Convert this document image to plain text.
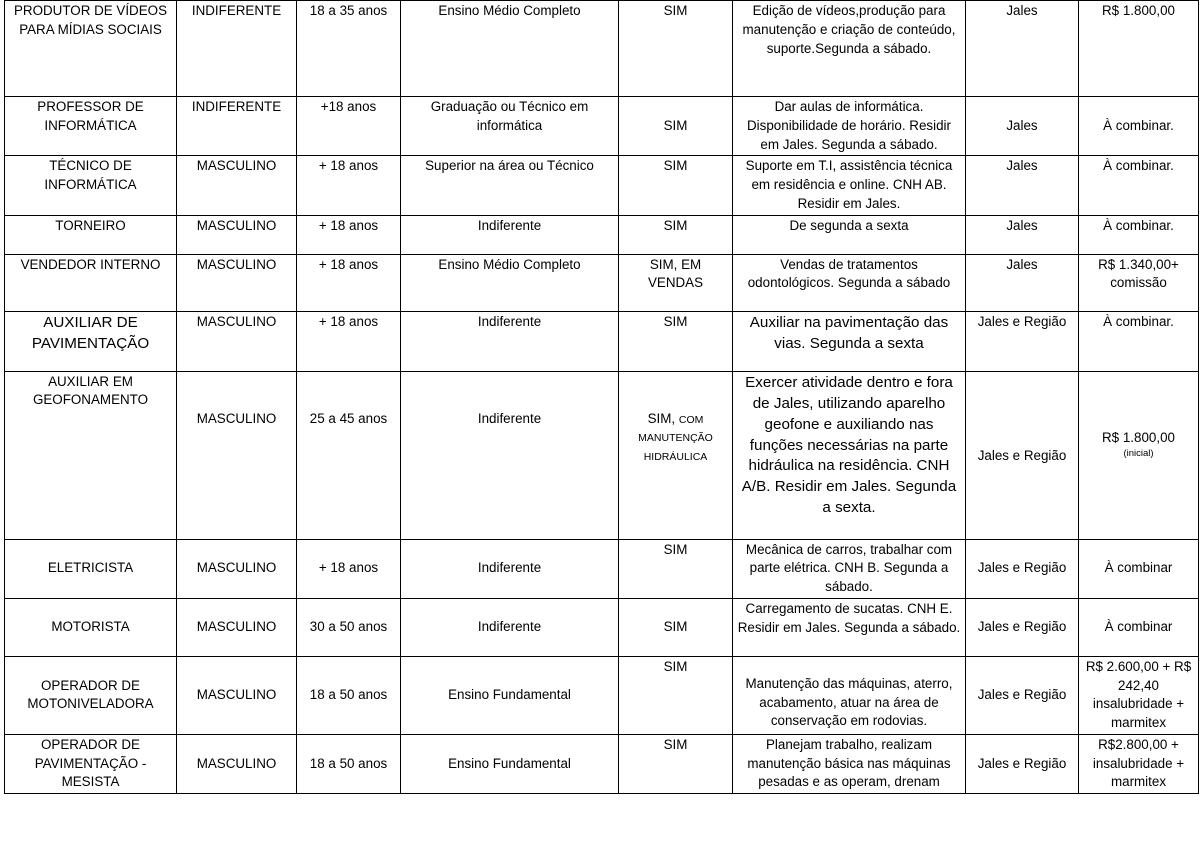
PRODUTOR DE VÍDEOS PARA MÍDIAS SOCIAIS	INDIFERENTE	18 a 35 anos	Ensino Médio Completo	SIM	Edição de vídeos,produção para manutenção e criação de conteúdo, suporte.Segunda a sábado.	Jales	R$ 1.800,00
PROFESSOR DE INFORMÁTICA	INDIFERENTE	+18 anos	Graduação ou Técnico em informática	SIM	Dar aulas de informática. Disponibilidade de horário. Residir em Jales. Segunda a sábado.	Jales	À combinar.
TÉCNICO DE INFORMÁTICA	MASCULINO	+ 18 anos	Superior na área ou Técnico	SIM	Suporte em T.I, assistência técnica em residência e online. CNH AB. Residir em Jales.	Jales	À combinar.
TORNEIRO	MASCULINO	+ 18 anos	Indiferente	SIM	De segunda a sexta	Jales	À combinar.
VENDEDOR INTERNO	MASCULINO	+ 18 anos	Ensino Médio Completo	SIM, EM VENDAS	Vendas de tratamentos odontológicos. Segunda a sábado	Jales	R$ 1.340,00+ comissão
AUXILIAR DE PAVIMENTAÇÃO	MASCULINO	+ 18 anos	Indiferente	SIM	Auxiliar na pavimentação das vias. Segunda a sexta	Jales e Região	À combinar.
AUXILIAR EM GEOFONAMENTO	MASCULINO	25 a 45 anos	Indiferente	SIM, COM MANUTENÇÃO HIDRÁULICA	Exercer atividade dentro e fora de Jales, utilizando aparelho geofone e auxiliando nas funções necessárias na parte hidráulica na residência. CNH A/B. Residir em Jales. Segunda a sexta.	Jales e Região	R$ 1.800,00
(inicial)

ELETRICISTA	MASCULINO	+ 18 anos	Indiferente	SIM	Mecânica de carros, trabalhar com parte elétrica. CNH B. Segunda a sábado.	Jales e Região	À combinar
MOTORISTA	MASCULINO	30 a 50 anos	Indiferente	SIM	Carregamento de sucatas. CNH E. Residir em Jales. Segunda a sábado.	Jales e Região	À combinar
OPERADOR DE MOTONIVELADORA	MASCULINO	18 a 50 anos	Ensino Fundamental	SIM	Manutenção das máquinas, aterro, acabamento, atuar na área de conservação em rodovias.	Jales e Região	R$ 2.600,00 + R$ 242,40 insalubridade + marmitex
OPERADOR DE PAVIMENTAÇÃO - MESISTA	MASCULINO	18 a 50 anos	Ensino Fundamental	SIM	Planejam trabalho, realizam manutenção básica nas máquinas pesadas e as operam, drenam	Jales e Região	R$2.800,00 + insalubridade + marmitex
